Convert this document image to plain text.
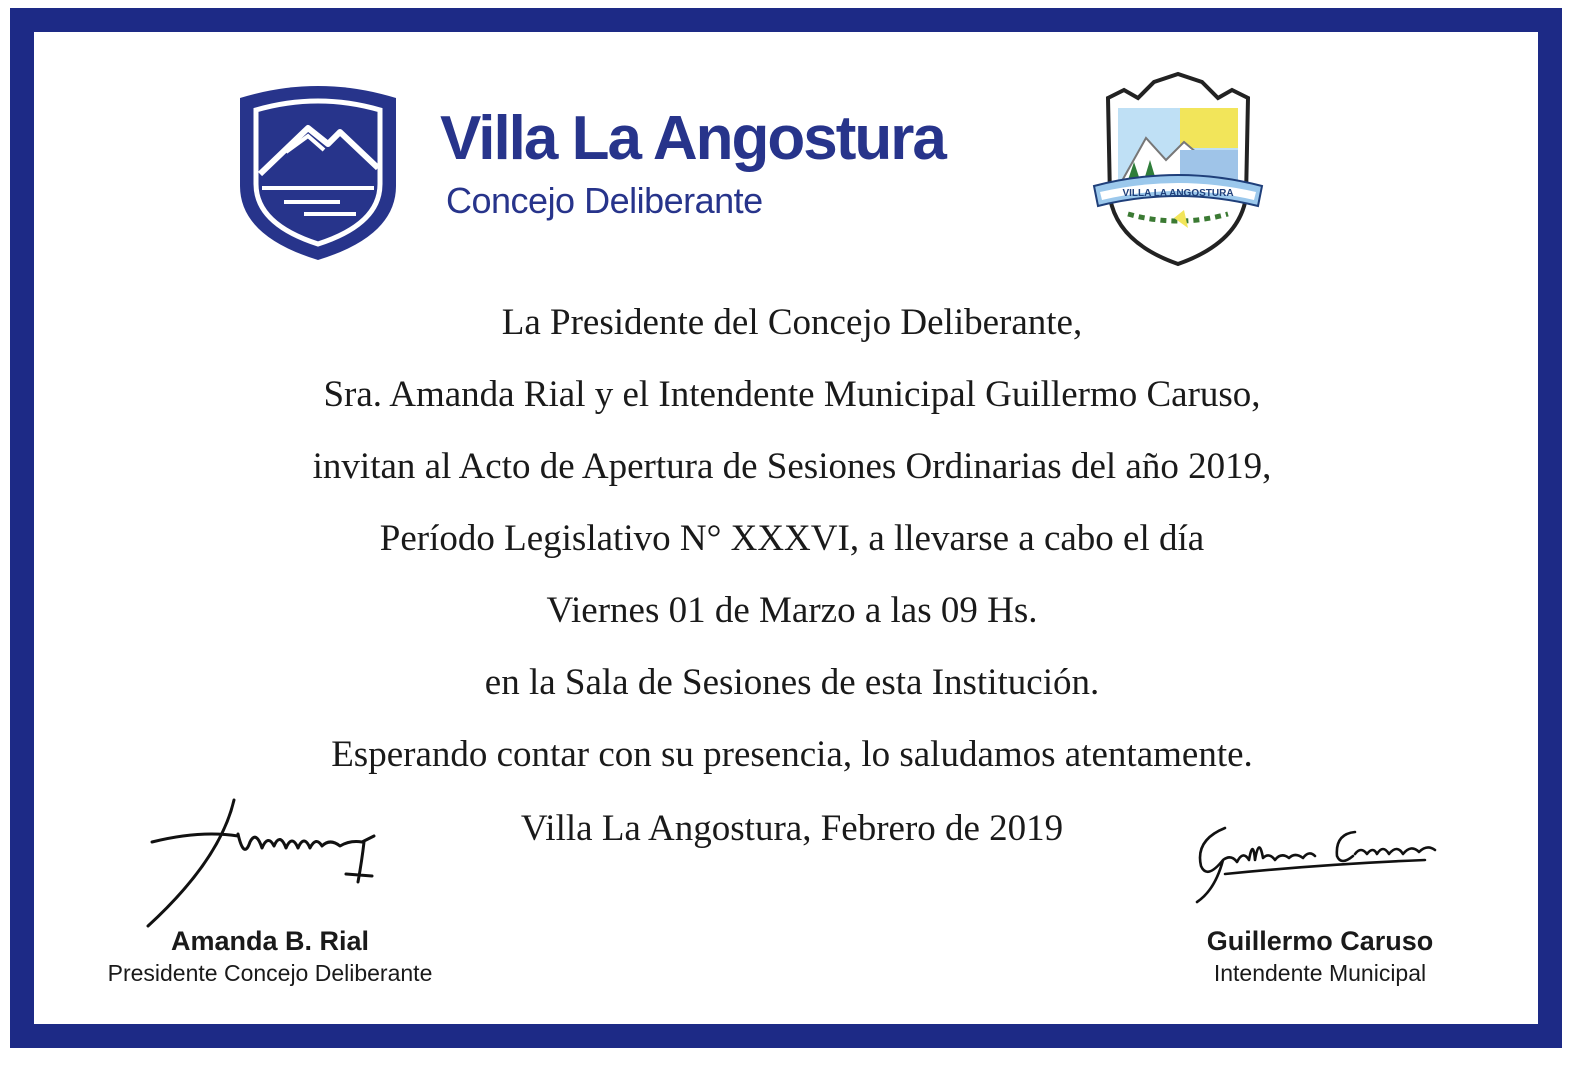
Villa La Angostura
Concejo Deliberante	VILLA LA ANGOSTURA
La Presidente del Concejo Deliberante,
Sra. Amanda Rial y el Intendente Municipal Guillermo Caruso,
invitan al Acto de Apertura de Sesiones Ordinarias del año 2019,
Período Legislativo N° XXXVI, a llevarse a cabo el día
Viernes 01 de Marzo a las 09 Hs.
en la Sala de Sesiones de esta Institución.
Esperando contar con su presencia, lo saludamos atentamente.
Villa La Angostura, Febrero de 2019
Amanda B. Rial
Presidente Concejo Deliberante
Guillermo Caruso
Intendente Municipal
